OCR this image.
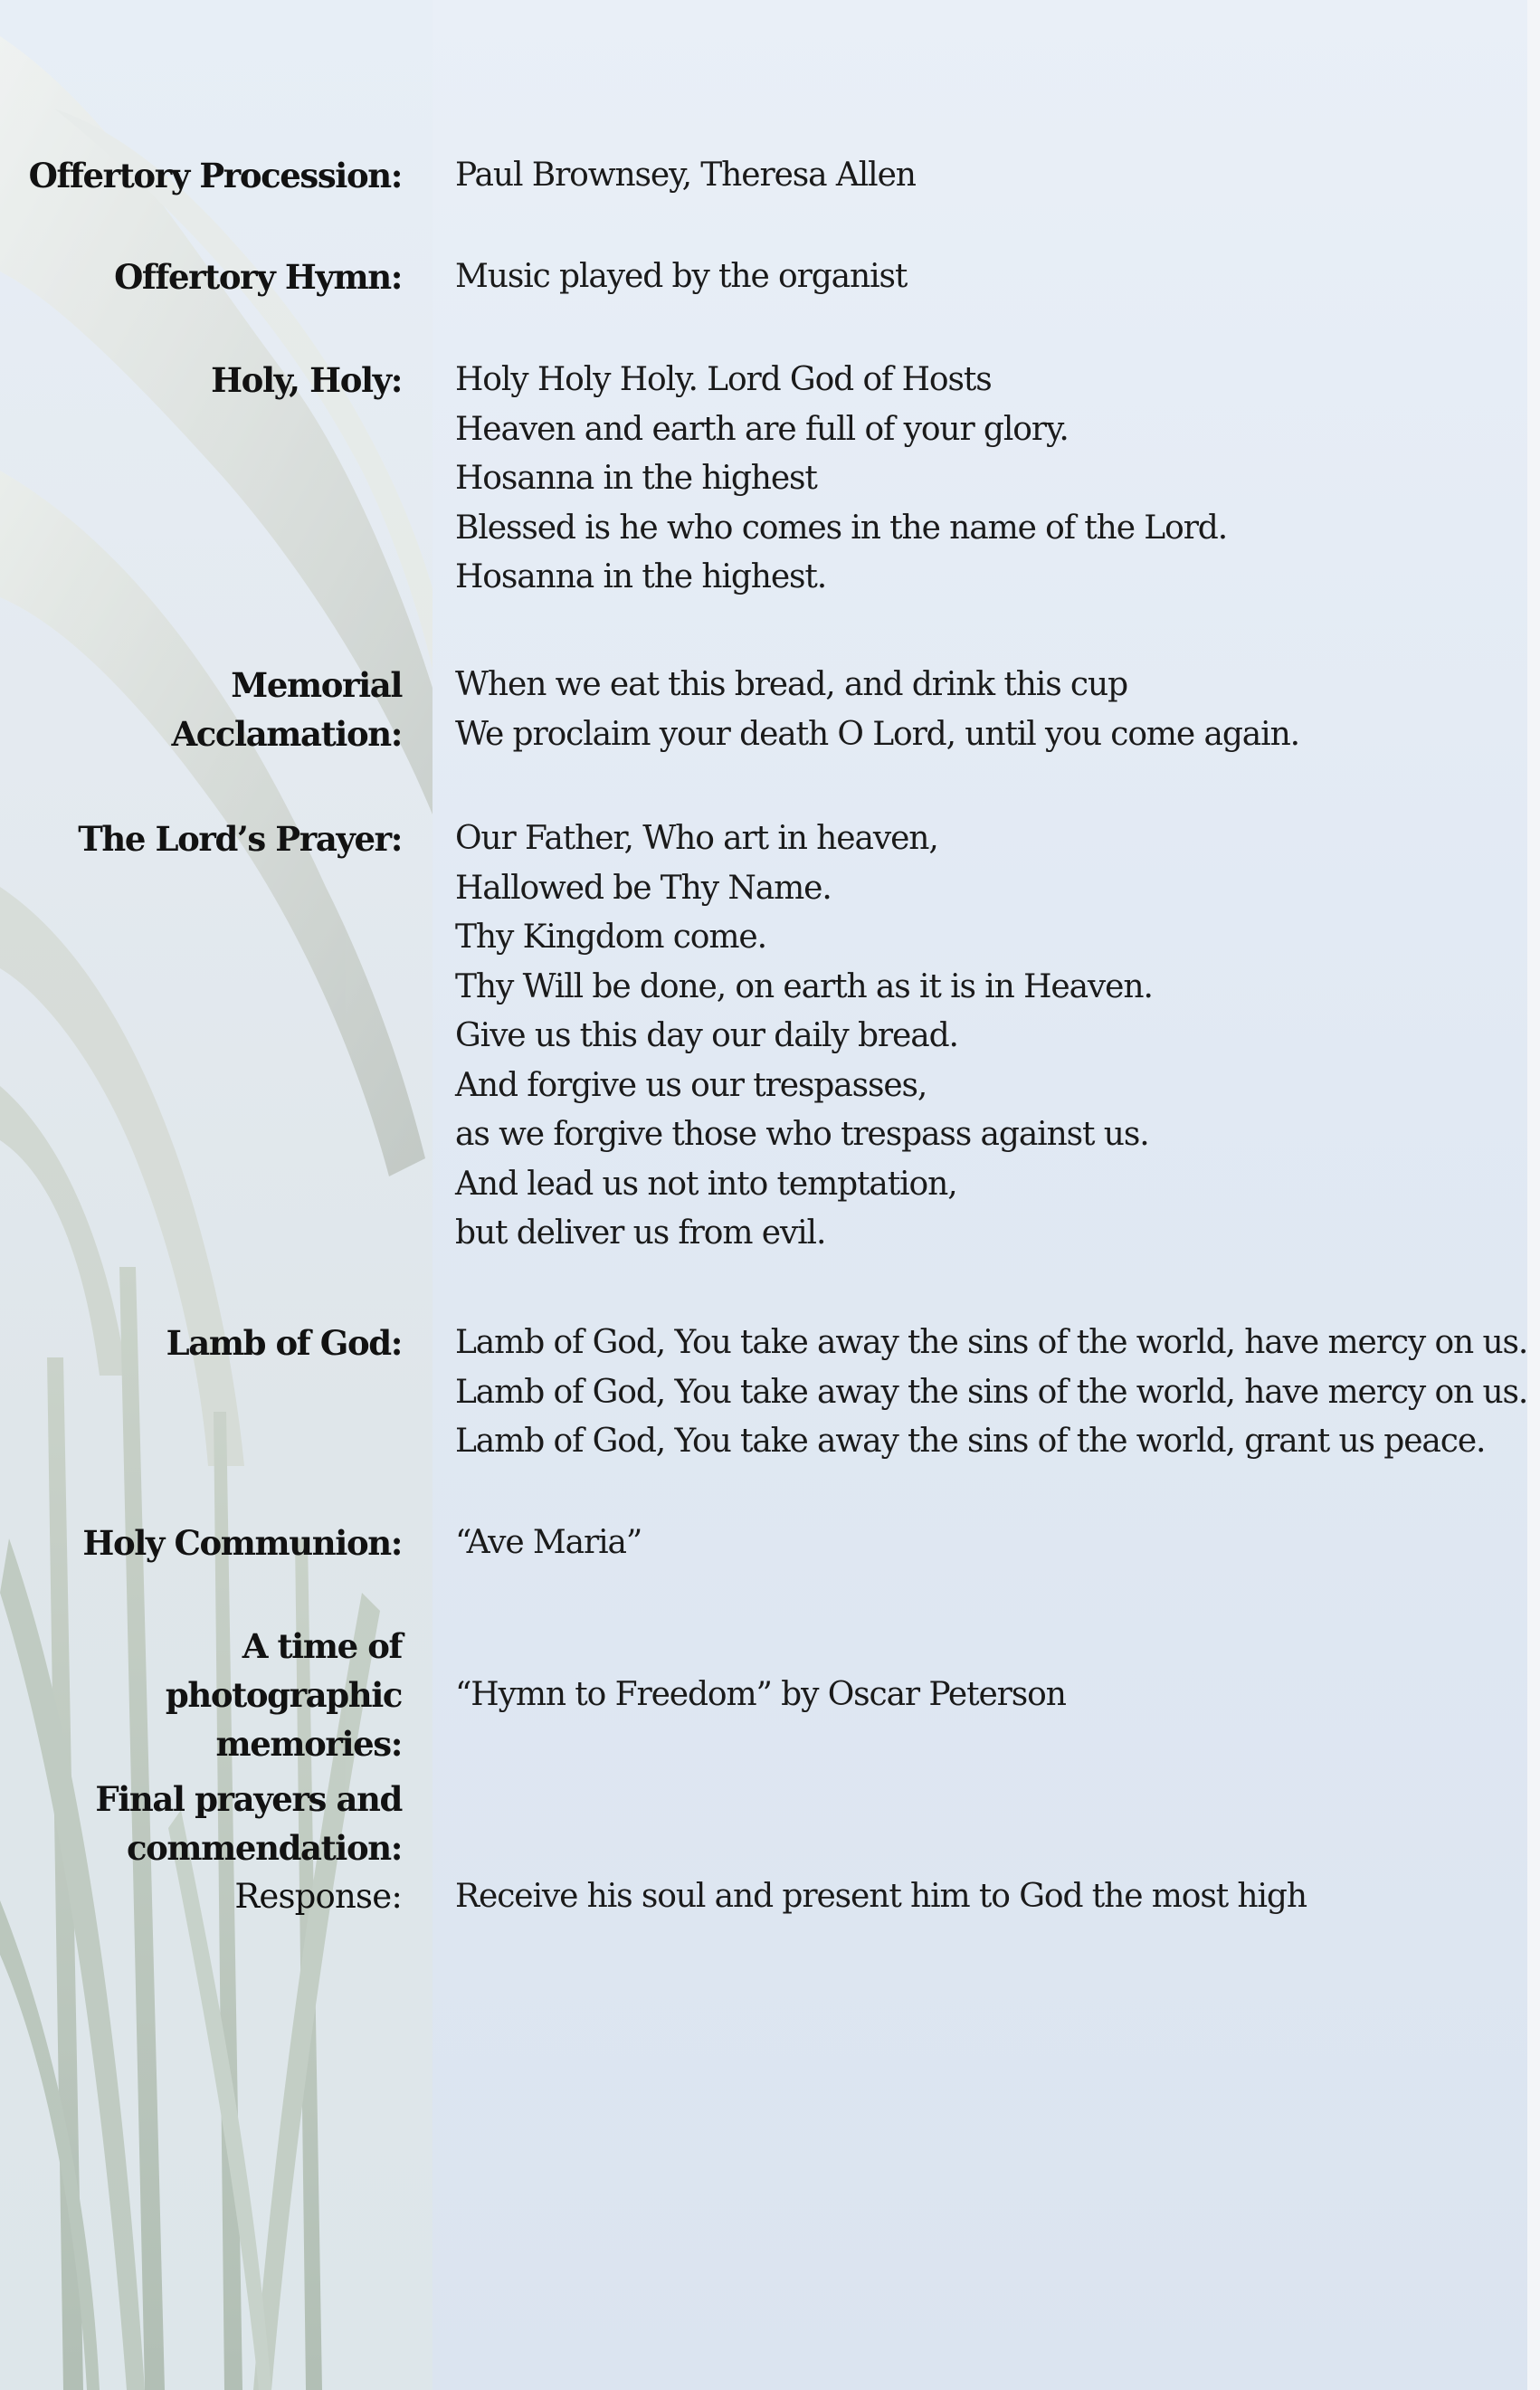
Offertory Procession: Paul Brownsey, Theresa Allen
Offertory Hymn: Music played by the organist
Holy, Holy: Holy Holy Holy. Lord God of Hosts
Heaven and earth are full of your glory.
Hosanna in the highest
Blessed is he who comes in the name of the Lord.
Hosanna in the highest.
Memorial Acclamation:
When we eat this bread, and drink this cup
We proclaim your death O Lord, until you come again.
The Lord’s Prayer: Our Father, Who art in heaven,
Hallowed be Thy Name.
Thy Kingdom come.
Thy Will be done, on earth as it is in Heaven.
Give us this day our daily bread.
And forgive us our trespasses,
as we forgive those who trespass against us.
And lead us not into temptation,
but deliver us from evil.
Lamb of God: Lamb of God, You take away the sins of the world, have mercy on us.
Lamb of God, You take away the sins of the world, have mercy on us.
Lamb of God, You take away the sins of the world, grant us peace.
Holy Communion: “Ave Maria”
A time of photographic
memories:
“Hymn to Freedom” by Oscar Peterson
Final prayers and
commendation:
Response: Receive his soul and present him to God the most high
